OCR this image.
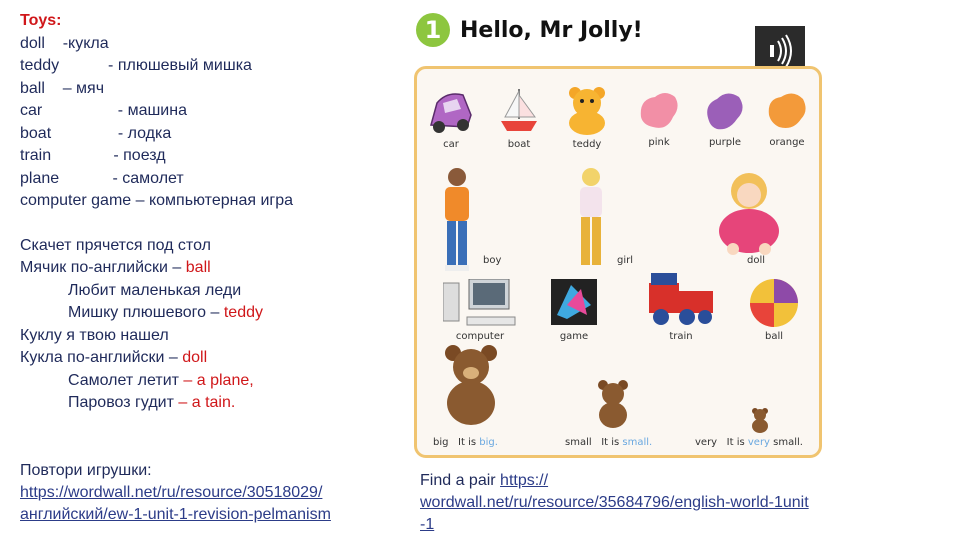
Toys:
doll    -кукла
teddy           - плюшевый мишка
ball    – мяч
car                 - машина
boat               - лодка
train              - поезд
plane            - самолет
computer game – компьютерная игра
Скачет прячется под стол
Мячик по-английски – ball
Любит маленькая леди
Мишку плюшевого – teddy
Куклу я твою нашел
Кукла по-английски – doll
Самолет летит – a plane,
Паровоз гудит – a tain.
Повтори игрушки:
https://wordwall.net/ru/resource/30518029/
английский/ew-1-unit-1-revision-pelmanism
1 Hello, Mr Jolly!
car	boat	teddy	pink	purple	orange
boy	girl	doll
computer	game	train	ball
big It is big.	small It is small.	very It is very small.
Find a pair https://
wordwall.net/ru/resource/35684796/english-world-1unit
-1
